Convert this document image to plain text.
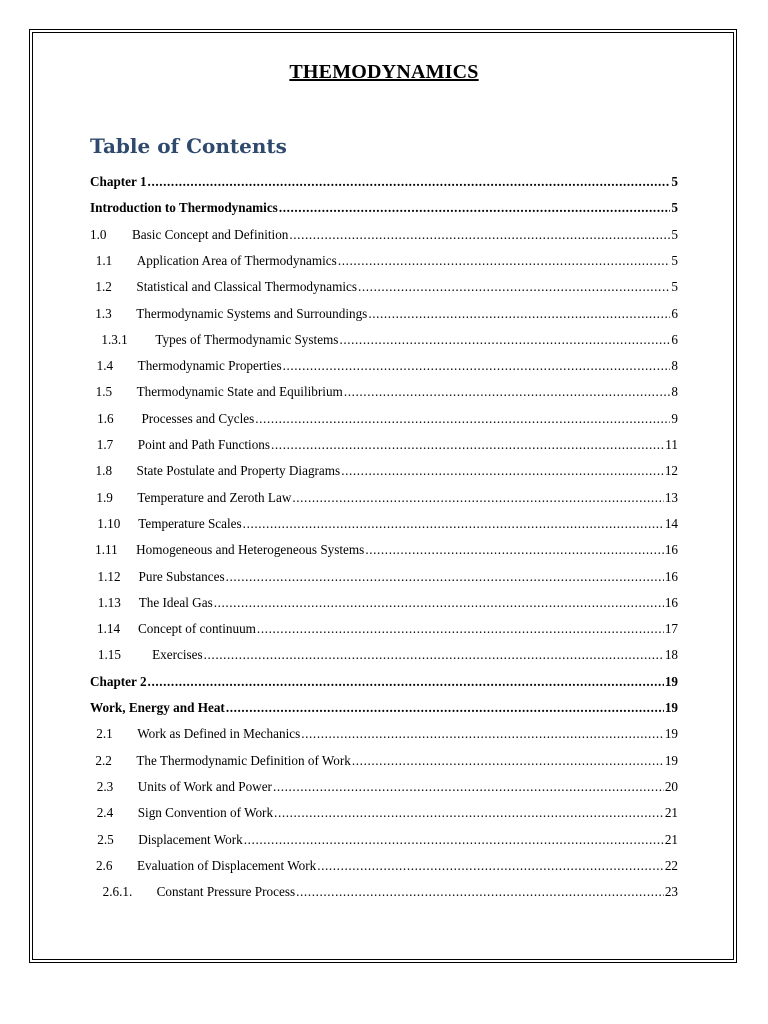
THEMODYNAMICS
Table of Contents
Chapter 1 .....	5
Introduction to Thermodynamics .....	5
1.0	Basic Concept and Definition .....	5
1.1	Application Area of Thermodynamics .....	5
1.2	Statistical and Classical Thermodynamics .....	5
1.3	Thermodynamic Systems and Surroundings .....	6
1.3.1	Types of Thermodynamic Systems .....	6
1.4	Thermodynamic Properties .....	8
1.5	Thermodynamic State and Equilibrium .....	8
1.6	Processes and Cycles .....	9
1.7	Point and Path Functions .....	11
1.8	State Postulate and Property Diagrams .....	12
1.9	Temperature and Zeroth Law .....	13
1.10	Temperature Scales .....	14
1.11	Homogeneous and Heterogeneous Systems .....	16
1.12	Pure Substances .....	16
1.13	The Ideal Gas .....	16
1.14	Concept of continuum .....	17
1.15	Exercises .....	18
Chapter 2 .....	19
Work, Energy and Heat .....	19
2.1	Work as Defined in Mechanics .....	19
2.2	The Thermodynamic Definition of Work .....	19
2.3	Units of Work and Power .....	20
2.4	Sign Convention of Work .....	21
2.5	Displacement Work .....	21
2.6	Evaluation of Displacement Work .....	22
2.6.1.	Constant Pressure Process .....	23
